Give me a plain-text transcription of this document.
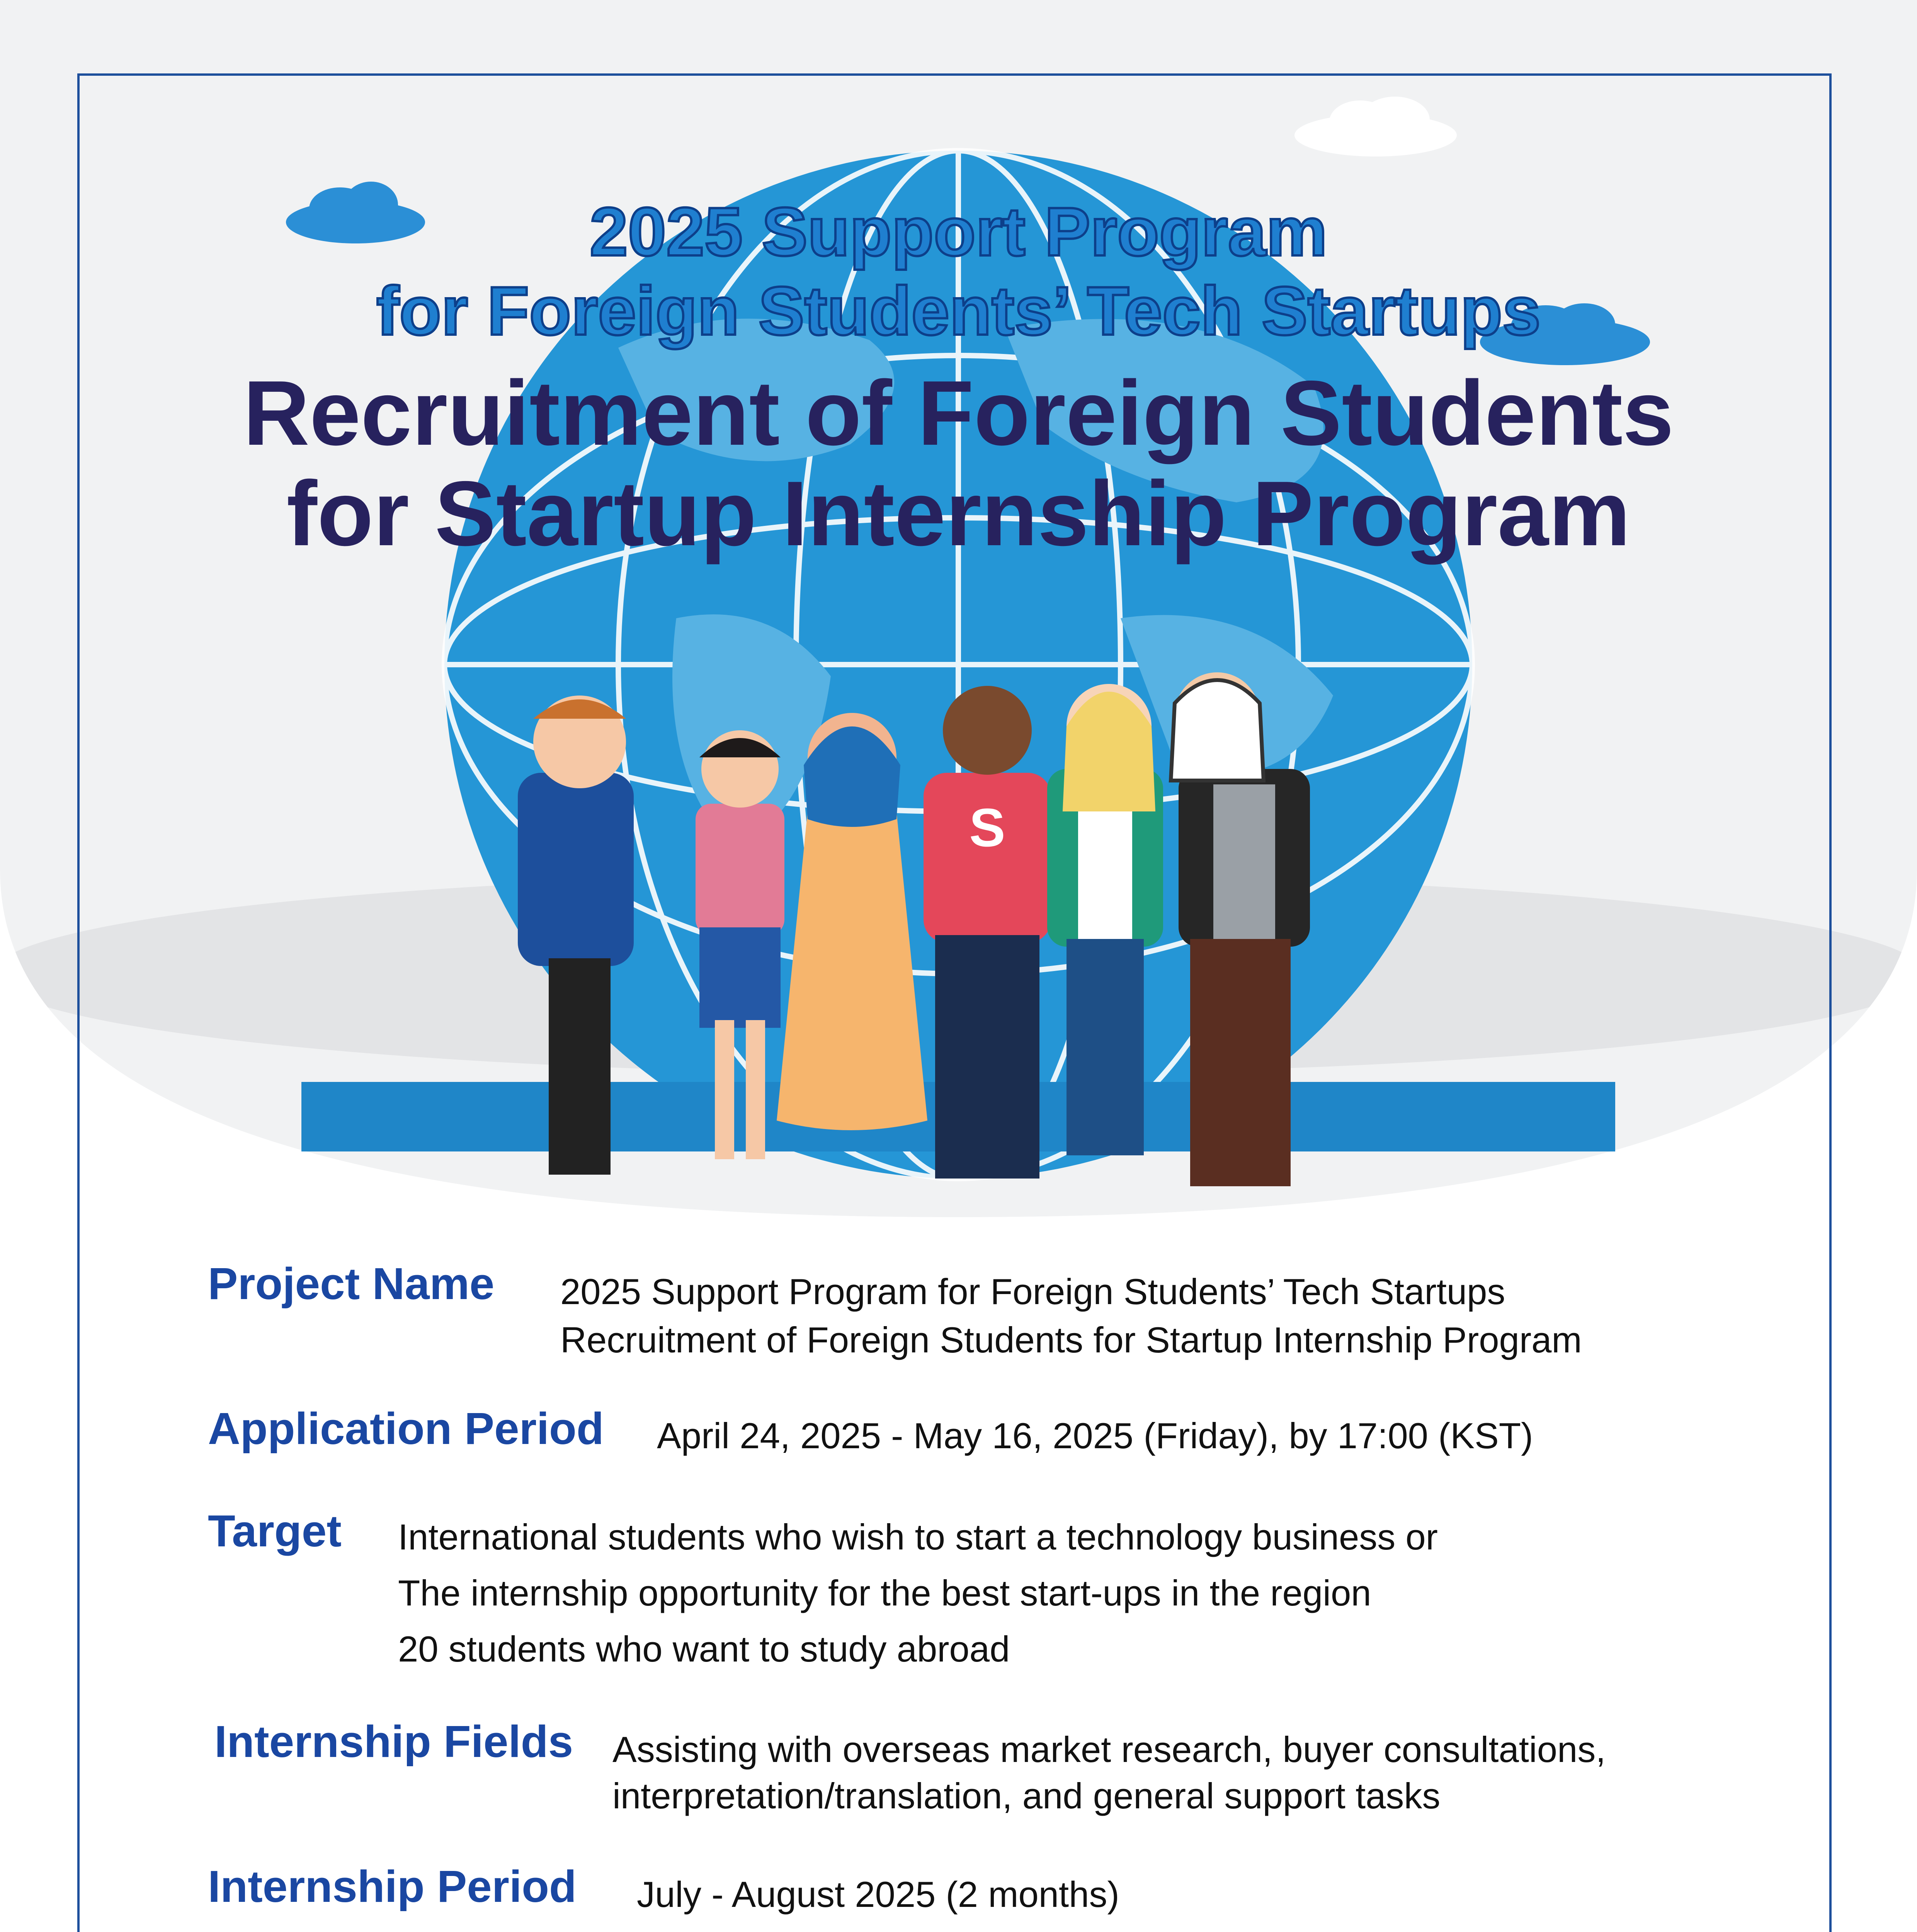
S
2025 Support Program
for Foreign Students’ Tech Startups
Recruitment of Foreign Students
for Startup Internship Program
Project Name 2025 Support Program for Foreign Students’ Tech Startups
Recruitment of Foreign Students for Startup Internship Program
Application Period April 24, 2025 - May 16, 2025 (Friday), by 17:00 (KST)
Target International students who wish to start a technology business or
The internship opportunity for the best start-ups in the region
20 students who want to study abroad
Internship Fields Assisting with overseas market research, buyer consultations,
interpretation/translation, and general support tasks
Internship Period July - August 2025 (2 months)
